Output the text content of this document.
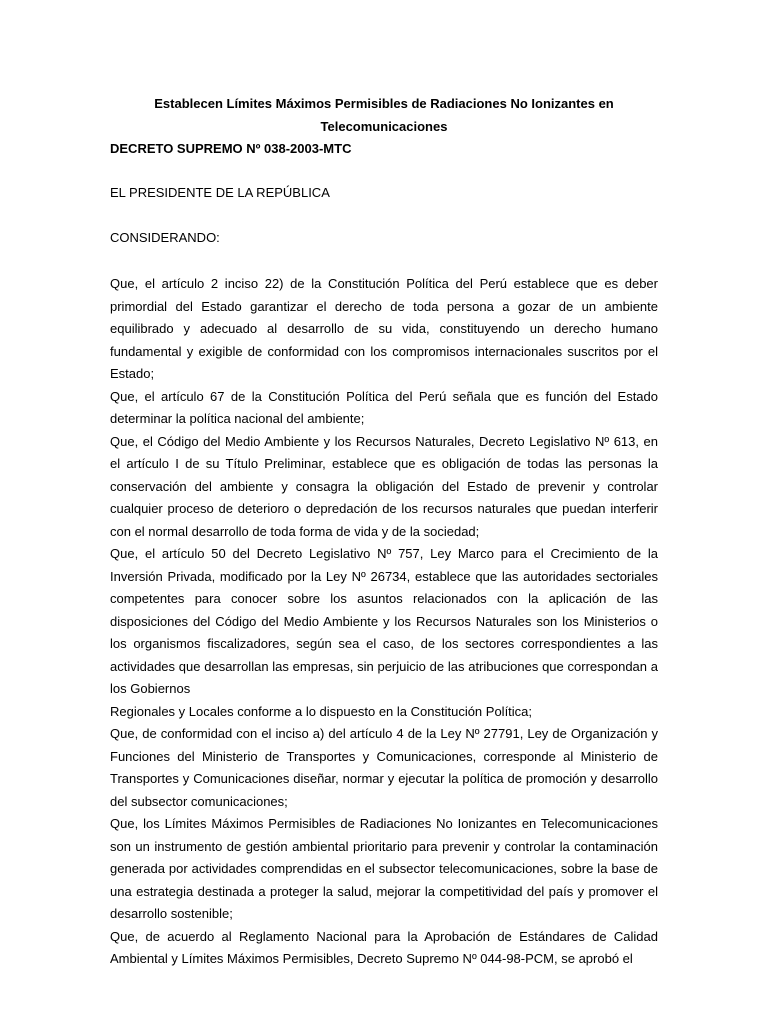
Establecen Límites Máximos Permisibles de Radiaciones No Ionizantes en
Telecomunicaciones
DECRETO SUPREMO Nº 038-2003-MTC
EL PRESIDENTE DE LA REPÚBLICA
CONSIDERANDO:

Que, el artículo 2 inciso 22) de la Constitución Política del Perú establece que es deber primordial del Estado garantizar el derecho de toda persona a gozar de un ambiente equilibrado y adecuado al desarrollo de su vida, constituyendo un derecho humano fundamental y exigible de conformidad con los compromisos internacionales suscritos por el Estado;

Que, el artículo 67 de la Constitución Política del Perú señala que es función del Estado determinar la política nacional del ambiente;

Que, el Código del Medio Ambiente y los Recursos Naturales, Decreto Legislativo Nº 613, en el artículo I de su Título Preliminar, establece que es obligación de todas las personas la conservación del ambiente y consagra la obligación del Estado de prevenir y controlar cualquier proceso de deterioro o depredación de los recursos naturales que puedan interferir con el normal desarrollo de toda forma de vida y de la sociedad;

Que, el artículo 50 del Decreto Legislativo Nº 757, Ley Marco para el Crecimiento de la Inversión Privada, modificado por la Ley Nº 26734, establece que las autoridades sectoriales competentes para conocer sobre los asuntos relacionados con la aplicación de las disposiciones del Código del Medio Ambiente y los Recursos Naturales son los Ministerios o los organismos fiscalizadores, según sea el caso, de los sectores correspondientes a las actividades que desarrollan las empresas, sin perjuicio de las atribuciones que correspondan a los Gobiernos

Regionales y Locales conforme a lo dispuesto en la Constitución Política;

Que, de conformidad con el inciso a) del artículo 4 de la Ley Nº 27791, Ley de Organización y Funciones del Ministerio de Transportes y Comunicaciones, corresponde al Ministerio de Transportes y Comunicaciones diseñar, normar y ejecutar la política de promoción y desarrollo del subsector comunicaciones;

Que, los Límites Máximos Permisibles de Radiaciones No Ionizantes en Telecomunicaciones son un instrumento de gestión ambiental prioritario para prevenir y controlar la contaminación generada por actividades comprendidas en el subsector telecomunicaciones, sobre la base de una estrategia destinada a proteger la salud, mejorar la competitividad del país y promover el desarrollo sostenible;

Que, de acuerdo al Reglamento Nacional para la Aprobación de Estándares de Calidad Ambiental y Límites Máximos Permisibles, Decreto Supremo Nº 044-98-PCM, se aprobó el
